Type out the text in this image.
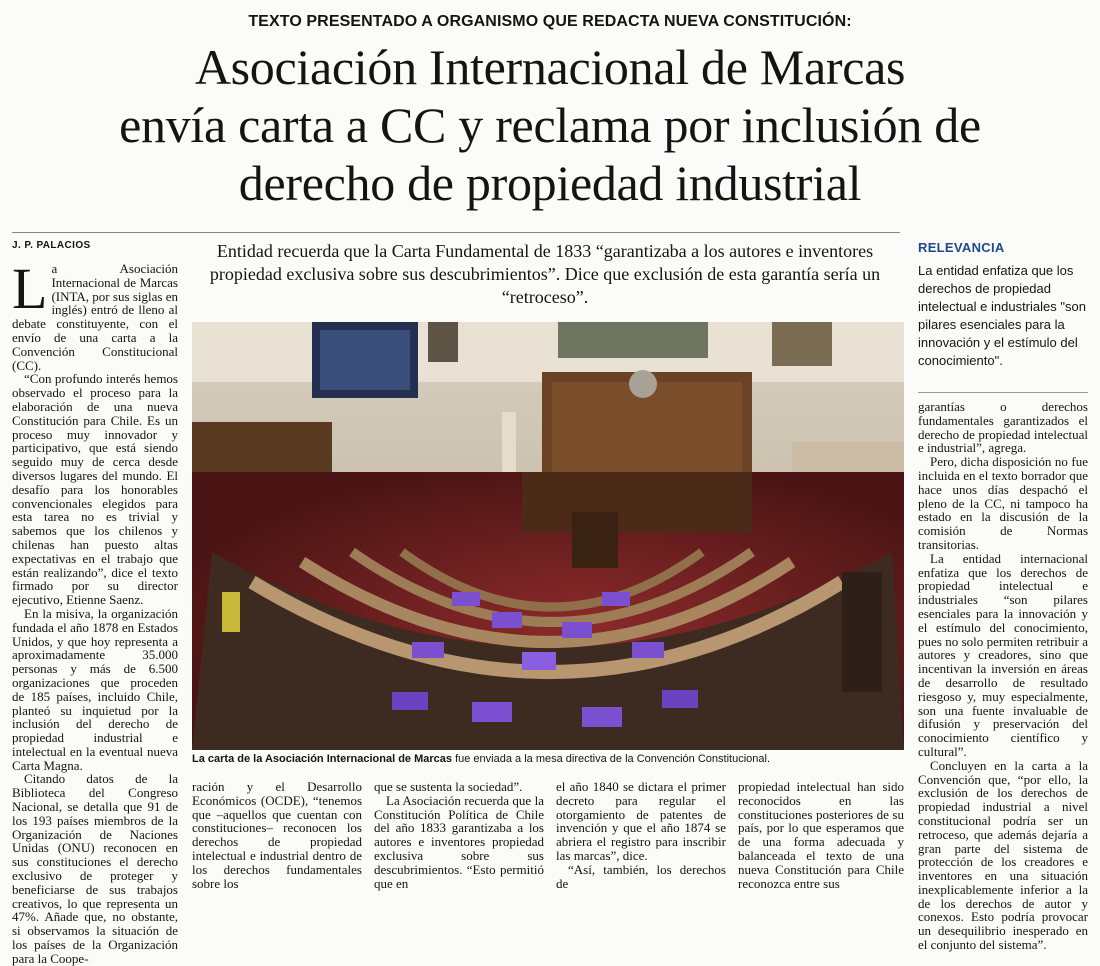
TEXTO PRESENTADO A ORGANISMO QUE REDACTA NUEVA CONSTITUCIÓN:
Asociación Internacional de Marcas
envía carta a CC y reclama por inclusión de
derecho de propiedad industrial
J. P. PALACIOS	Entidad recuerda que la Carta Fundamental de 1833 “garantizaba a los autores e inventores propiedad exclusiva sobre sus descubrimientos”. Dice que exclusión de esta garantía sería un “retroceso”.
RELEVANCIA
La entidad enfatiza que los derechos de propiedad intelectual e industriales "son pilares esenciales para la innovación y el estímulo del conocimiento".

La Asociación Internacional de Marcas (INTA, por sus siglas en inglés) entró de lleno al debate constituyente, con el envío de una carta a la Convención Constitucional (CC).

“Con profundo interés hemos observado el proceso para la elaboración de una nueva Constitución para Chile. Es un proceso muy innovador y participativo, que está siendo seguido muy de cerca desde diversos lugares del mundo. El desafío para los honorables convencionales elegidos para esta tarea no es trivial y sabemos que los chilenos y chilenas han puesto altas expectativas en el trabajo que están realizando”, dice el texto firmado por su director ejecutivo, Etienne Saenz.

En la misiva, la organización fundada el año 1878 en Estados Unidos, y que hoy representa a aproximadamente 35.000 personas y más de 6.500 organizaciones que proceden de 185 países, incluido Chile, planteó su inquietud por la inclusión del derecho de propiedad industrial e intelectual en la eventual nueva Carta Magna.

Citando datos de la Biblioteca del Congreso Nacional, se detalla que 91 de los 193 países miembros de la Organización de Naciones Unidas (ONU) reconocen en sus constituciones el derecho exclusivo de proteger y beneficiarse de sus trabajos creativos, lo que representa un 47%. Añade que, no obstante, si observamos la situación de los países de la Organización para la Coope-

La carta de la Asociación Internacional de Marcas fue enviada a la mesa directiva de la Convención Constitucional.

ración y el Desarrollo Económicos (OCDE), “tenemos que –aquellos que cuentan con constituciones– reconocen los derechos de propiedad intelectual e industrial dentro de los derechos fundamentales sobre los

que se sustenta la sociedad”.

La Asociación recuerda que la Constitución Política de Chile del año 1833 garantizaba a los autores e inventores propiedad exclusiva sobre sus descubrimientos. “Esto permitió que en

el año 1840 se dictara el primer decreto para regular el otorgamiento de patentes de invención y que el año 1874 se abriera el registro para inscribir las marcas”, dice.

“Así, también, los derechos de

propiedad intelectual han sido reconocidos en las constituciones posteriores de su país, por lo que esperamos que de una forma adecuada y balanceada el texto de una nueva Constitución para Chile reconozca entre sus

garantías o derechos fundamentales garantizados el derecho de propiedad intelectual e industrial”, agrega.

Pero, dicha disposición no fue incluida en el texto borrador que hace unos días despachó el pleno de la CC, ni tampoco ha estado en la discusión de la comisión de Normas transitorias.

La entidad internacional enfatiza que los derechos de propiedad intelectual e industriales “son pilares esenciales para la innovación y el estímulo del conocimiento, pues no solo permiten retribuir a autores y creadores, sino que incentivan la inversión en áreas de desarrollo de resultado riesgoso y, muy especialmente, son una fuente invaluable de difusión y preservación del conocimiento científico y cultural”.

Concluyen en la carta a la Convención que, “por ello, la exclusión de los derechos de propiedad industrial a nivel constitucional podría ser un retroceso, que además dejaría a gran parte del sistema de protección de los creadores e inventores en una situación inexplicablemente inferior a la de los derechos de autor y conexos. Esto podría provocar un desequilibrio inesperado en el conjunto del sistema”.
